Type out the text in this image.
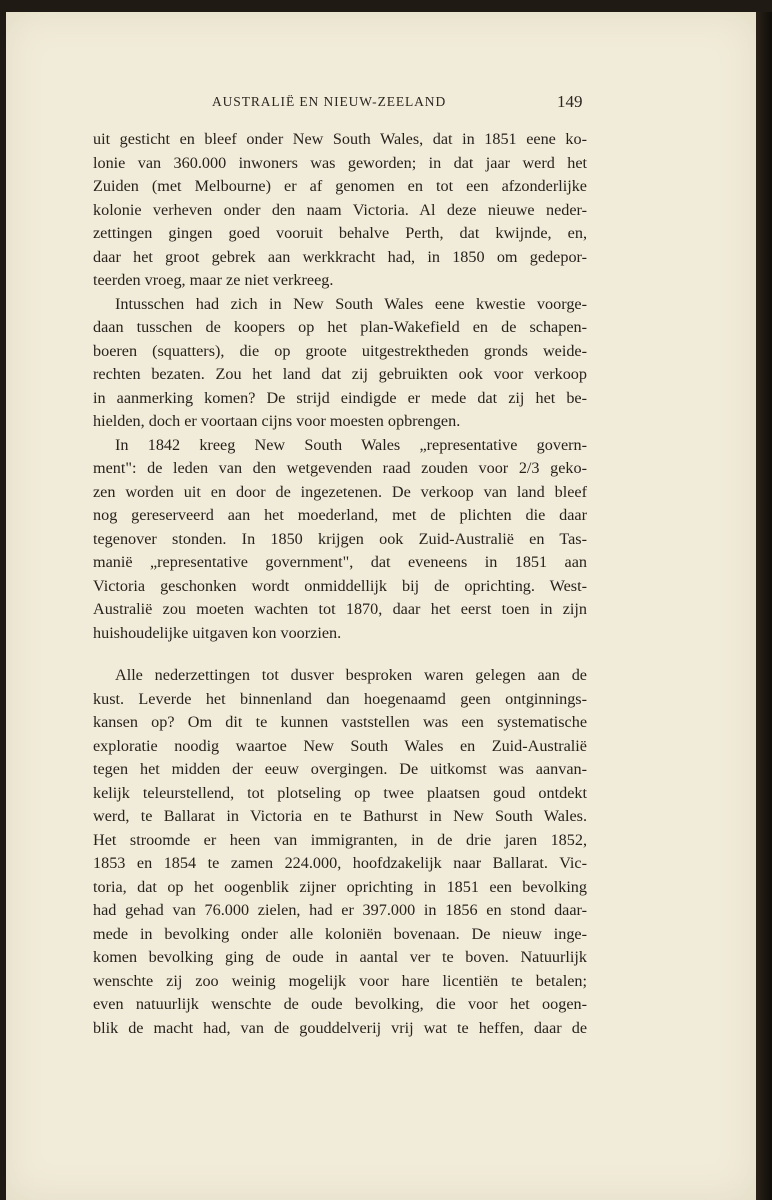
AUSTRALIË EN NIEUW-ZEELAND	149
uit gesticht en bleef onder New South Wales, dat in 1851 eene ko-
lonie van 360.000 inwoners was geworden; in dat jaar werd het
Zuiden (met Melbourne) er af genomen en tot een afzonderlijke
kolonie verheven onder den naam Victoria. Al deze nieuwe neder-
zettingen gingen goed vooruit behalve Perth, dat kwijnde, en,
daar het groot gebrek aan werkkracht had, in 1850 om gedepor-
teerden vroeg, maar ze niet verkreeg.
Intusschen had zich in New South Wales eene kwestie voorge-
daan tusschen de koopers op het plan-Wakefield en de schapen-
boeren (squatters), die op groote uitgestrektheden gronds weide-
rechten bezaten. Zou het land dat zij gebruikten ook voor verkoop
in aanmerking komen? De strijd eindigde er mede dat zij het be-
hielden, doch er voortaan cijns voor moesten opbrengen.
In 1842 kreeg New South Wales „representative govern-
ment": de leden van den wetgevenden raad zouden voor 2/3 geko-
zen worden uit en door de ingezetenen. De verkoop van land bleef
nog gereserveerd aan het moederland, met de plichten die daar
tegenover stonden. In 1850 krijgen ook Zuid-Australië en Tas-
manië „representative government", dat eveneens in 1851 aan
Victoria geschonken wordt onmiddellijk bij de oprichting. West-
Australië zou moeten wachten tot 1870, daar het eerst toen in zijn
huishoudelijke uitgaven kon voorzien.
Alle nederzettingen tot dusver besproken waren gelegen aan de
kust. Leverde het binnenland dan hoegenaamd geen ontginnings-
kansen op? Om dit te kunnen vaststellen was een systematische
exploratie noodig waartoe New South Wales en Zuid-Australië
tegen het midden der eeuw overgingen. De uitkomst was aanvan-
kelijk teleurstellend, tot plotseling op twee plaatsen goud ontdekt
werd, te Ballarat in Victoria en te Bathurst in New South Wales.
Het stroomde er heen van immigranten, in de drie jaren 1852,
1853 en 1854 te zamen 224.000, hoofdzakelijk naar Ballarat. Vic-
toria, dat op het oogenblik zijner oprichting in 1851 een bevolking
had gehad van 76.000 zielen, had er 397.000 in 1856 en stond daar-
mede in bevolking onder alle koloniën bovenaan. De nieuw inge-
komen bevolking ging de oude in aantal ver te boven. Natuurlijk
wenschte zij zoo weinig mogelijk voor hare licentiën te betalen;
even natuurlijk wenschte de oude bevolking, die voor het oogen-
blik de macht had, van de gouddelverij vrij wat te heffen, daar de
